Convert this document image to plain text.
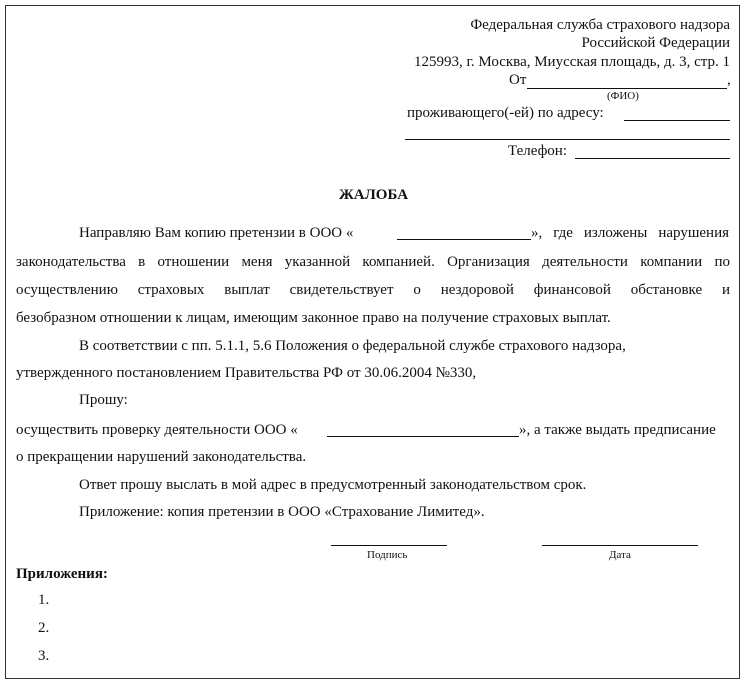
Федеральная служба страхового надзора
Российской Федерации
125993, г. Москва, Миусская площадь, д. 3, стр. 1
От	,
(ФИО)
проживающего(-ей) по адресу:
Телефон:
ЖАЛОБА
Направляю Вам копию претензии в ООО «	», где изложены нарушения
законодательства в отношении меня указанной компанией. Организация деятельности компании по
осуществлению страховых выплат свидетельствует о нездоровой финансовой обстановке и
безобразном отношении к лицам, имеющим законное право на получение страховых выплат.
В соответствии с пп. 5.1.1, 5.6 Положения о федеральной службе страхового надзора,
утвержденного постановлением Правительства РФ от 30.06.2004 №330,
Прошу:
осуществить проверку деятельности ООО «	», а также выдать предписание
о прекращении нарушений законодательства.
Ответ прошу выслать в мой адрес в предусмотренный законодательством срок.
Приложение: копия претензии в ООО «Страхование Лимитед».
Подпись	Дата
Приложения:
1.
2.
3.
